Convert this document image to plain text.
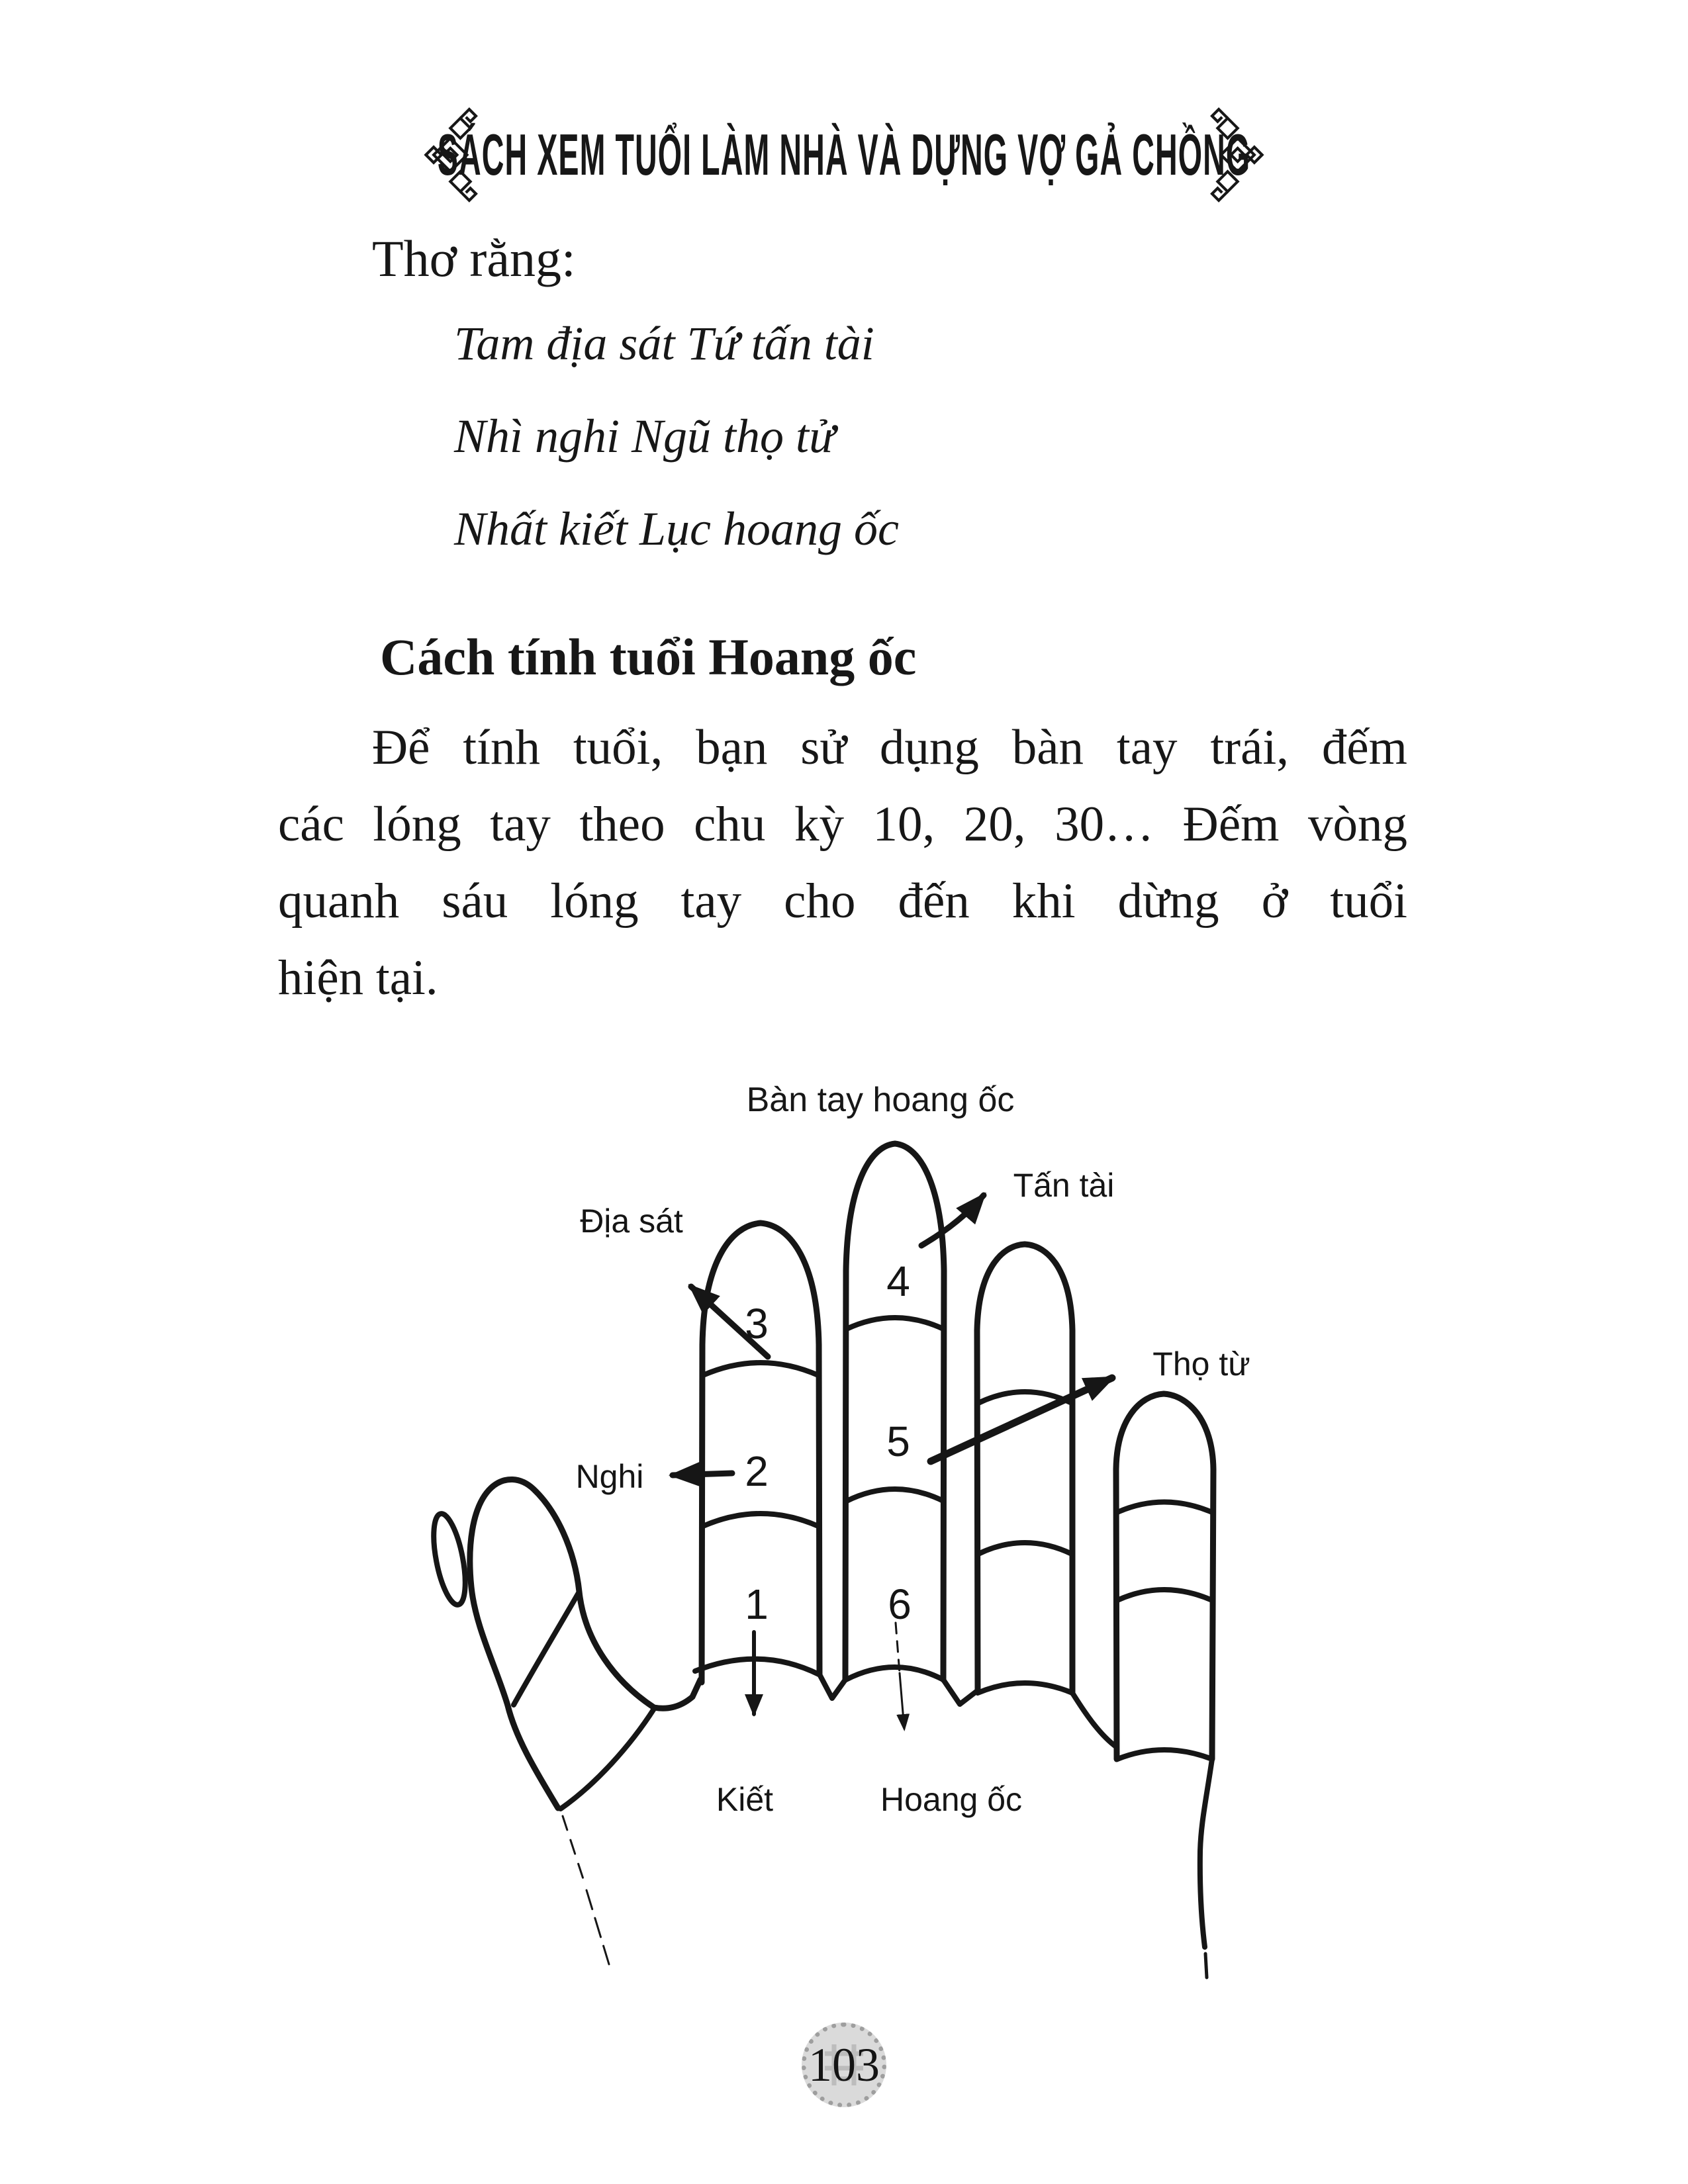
SÁCH XEM TUỔI LÀM NHÀ VÀ DỰNG VỢ GẢ CHỒNG
Thơ rằng:
Tam địa sát Tứ tấn tài
Nhì nghi Ngũ thọ tử
Nhất kiết Lục hoang ốc
Cách tính tuổi Hoang ốc
Để tính tuổi, bạn sử dụng bàn tay trái, đếm
các lóng tay theo chu kỳ 10, 20, 30… Đếm vòng
quanh sáu lóng tay cho đến khi dừng ở tuổi
hiện tại.
Bàn tay hoang ốc
Địa sát
Tấn tài
Thọ từ
Nghi
Kiết	Hoang ốc
1
2
3
4
5
6
103
